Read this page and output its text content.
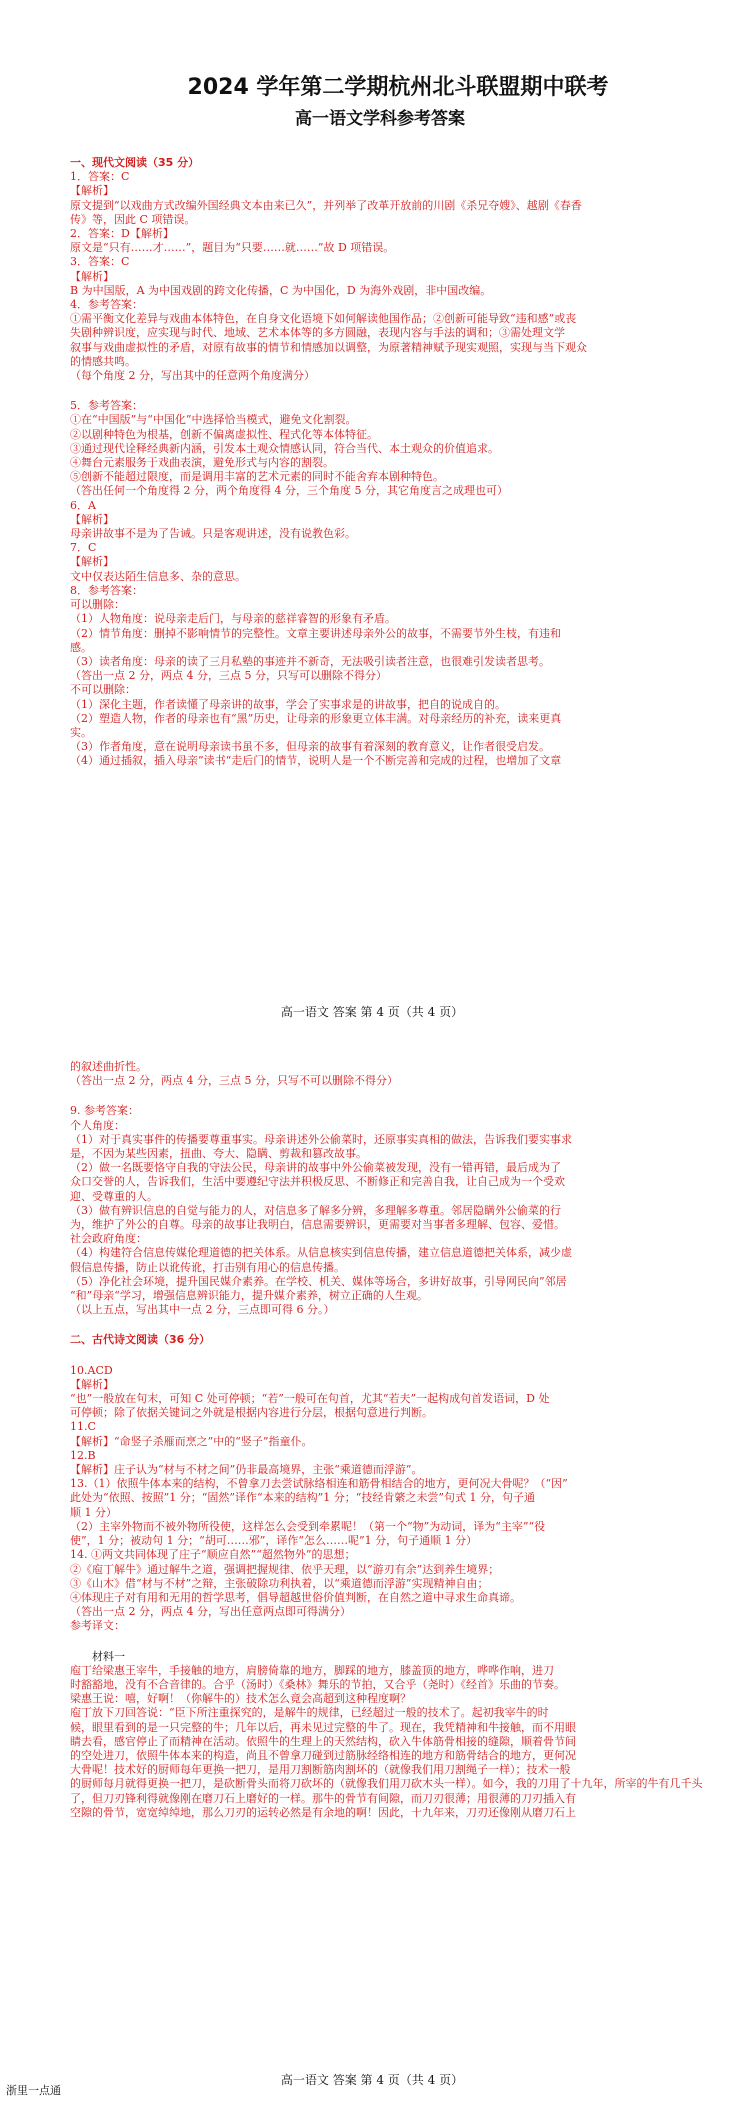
2024 学年第二学期杭州北斗联盟期中联考
高一语文学科参考答案
一、现代文阅读（35 分）
1．答案：C
【解析】
原文提到“以戏曲方式改编外国经典文本由来已久”，并列举了改革开放前的川剧《杀兄夺嫂》、越剧《春香
传》等，因此 C 项错误。
2．答案：D【解析】
原文是“只有……才……”，题目为“只要……就……”故 D 项错误。
3．答案：C
【解析】
B 为中国版，A 为中国戏剧的跨文化传播，C 为中国化，D 为海外戏剧，非中国改编。
4．参考答案：
①需平衡文化差异与戏曲本体特色，在自身文化语境下如何解读他国作品；②创新可能导致“违和感”或丧
失剧种辨识度，应实现与时代、地域、艺术本体等的多方圆融，表现内容与手法的调和；③需处理文学
叙事与戏曲虚拟性的矛盾，对原有故事的情节和情感加以调整，为原著精神赋予现实观照，实现与当下观众
的情感共鸣。
（每个角度 2 分，写出其中的任意两个角度满分）
5．参考答案：
①在“中国版”与“中国化”中选择恰当模式，避免文化割裂。
②以剧种特色为根基，创新不偏离虚拟性、程式化等本体特征。
③通过现代诠释经典新内涵，引发本土观众情感认同，符合当代、本土观众的价值追求。
④舞台元素服务于戏曲表演，避免形式与内容的割裂。
⑤创新不能超过限度，而是调用丰富的艺术元素的同时不能舍弃本剧种特色。
（答出任何一个角度得 2 分，两个角度得 4 分，三个角度 5 分，其它角度言之成理也可）
6．A
【解析】
母亲讲故事不是为了告诫。只是客观讲述，没有说教色彩。
7．C
【解析】
文中仅表达陌生信息多、杂的意思。
8．参考答案：
可以删除：
（1）人物角度：说母亲走后门，与母亲的慈祥睿智的形象有矛盾。
（2）情节角度：删掉不影响情节的完整性。文章主要讲述母亲外公的故事，不需要节外生枝，有违和
感。
（3）读者角度：母亲的读了三月私塾的事迹并不新奇，无法吸引读者注意，也很难引发读者思考。
（答出一点 2 分，两点 4 分，三点 5 分，只写可以删除不得分）
不可以删除：
（1）深化主题，作者读懂了母亲讲的故事，学会了实事求是的讲故事，把自的说成自的。
（2）塑造人物，作者的母亲也有“黑”历史，让母亲的形象更立体丰满。对母亲经历的补充，读来更真
实。
（3）作者角度，意在说明母亲读书虽不多，但母亲的故事有着深刻的教育意义，让作者很受启发。
（4）通过插叙，插入母亲”读书“走后门的情节，说明人是一个不断完善和完成的过程，也增加了文章
高一语文 答案 第 4 页（共 4 页）
的叙述曲折性。
（答出一点 2 分，两点 4 分，三点 5 分，只写不可以删除不得分）
9. 参考答案：
个人角度：
（1）对于真实事件的传播要尊重事实。母亲讲述外公偷菜时，还原事实真相的做法，告诉我们要实事求
是，不因为某些因素，扭曲、夸大、隐瞒、剪裁和篡改故事。
（2）做一名既要恪守自我的守法公民，母亲讲的故事中外公偷菜被发现，没有一错再错，最后成为了
众口交誉的人，告诉我们，生活中要遵纪守法并积极反思、不断修正和完善自我，让自己成为一个受欢
迎、受尊重的人。
（3）做有辨识信息的自觉与能力的人，对信息多了解多分辨，多理解多尊重。邻居隐瞒外公偷菜的行
为，维护了外公的自尊。母亲的故事让我明白，信息需要辨识，更需要对当事者多理解、包容、爱惜。
社会政府角度：
（4）构建符合信息传媒伦理道德的把关体系。从信息核实到信息传播，建立信息道德把关体系，减少虚
假信息传播，防止以讹传讹，打击别有用心的信息传播。
（5）净化社会环境，提升国民媒介素养。在学校、机关、媒体等场合，多讲好故事，引导网民向”邻居
“和”母亲“学习，增强信息辨识能力，提升媒介素养，树立正确的人生观。
（以上五点，写出其中一点 2 分，三点即可得 6 分。）
二、古代诗文阅读（36 分）
10.ACD
【解析】
“也”一般放在句末，可知 C 处可停顿；“若”一般可在句首，尤其“若夫”一起构成句首发语词，D 处
可停顿；除了依据关键词之外就是根据内容进行分层，根据句意进行判断。
11.C
【解析】“命竖子杀雁而烹之”中的“竖子”指童仆。
12.B
【解析】庄子认为“材与不材之间”仍非最高境界，主张“乘道德而浮游”。
13.（1）依照牛体本来的结构，不曾拿刀去尝试脉络相连和筋骨相结合的地方，更何况大骨呢？（“因”
此处为“依照、按照”1 分；“固然”译作“本来的结构”1 分；“技经肯綮之未尝”句式 1 分，句子通
顺 1 分）
（2）主宰外物而不被外物所役使，这样怎么会受到牵累呢！（第一个“物”为动词，译为“主宰”“役
使”，1 分；被动句 1 分；“胡可……邪”，译作“怎么……呢”1 分，句子通顺 1 分）
14. ①两文共同体现了庄子“顺应自然”“超然物外”的思想；
②《庖丁解牛》通过解牛之道，强调把握规律、依乎天理，以“游刃有余”达到养生境界；
③《山木》借“材与不材”之辩，主张破除功利执着，以“乘道德而浮游”实现精神自由；
④体现庄子对有用和无用的哲学思考，倡导超越世俗价值判断，在自然之道中寻求生命真谛。
（答出一点 2 分，两点 4 分，写出任意两点即可得满分）
参考译文：
材料一
庖丁给梁惠王宰牛，手接触的地方，肩膀倚靠的地方，脚踩的地方，膝盖顶的地方，哗哗作响，进刀
时豁豁地，没有不合音律的。合乎（汤时）《桑林》舞乐的节拍，又合乎（尧时）《经首》乐曲的节奏。
梁惠王说：嘻，好啊！（你解牛的）技术怎么竟会高超到这种程度啊？
庖丁放下刀回答说：“臣下所注重探究的，是解牛的规律，已经超过一般的技术了。起初我宰牛的时
候，眼里看到的是一只完整的牛；几年以后，再未见过完整的牛了。现在，我凭精神和牛接触，而不用眼
睛去看，感官停止了而精神在活动。依照牛的生理上的天然结构，砍入牛体筋骨相接的缝隙，顺着骨节间
的空处进刀，依照牛体本来的构造，尚且不曾拿刀碰到过筋脉经络相连的地方和筋骨结合的地方，更何况
大骨呢！技术好的厨师每年更换一把刀，是用刀割断筋肉割坏的（就像我们用刀割绳子一样）；技术一般
的厨师每月就得更换一把刀，是砍断骨头而将刀砍坏的（就像我们用刀砍木头一样）。如今，我的刀用了十九年，所宰的牛有几千头
了，但刀刃锋利得就像刚在磨刀石上磨好的一样。那牛的骨节有间隙，而刀刃很薄；用很薄的刀刃插入有
空隙的骨节，宽宽绰绰地，那么刀刃的运转必然是有余地的啊！因此，十九年来，刀刃还像刚从磨刀石上
高一语文 答案 第 4 页（共 4 页）
浙里一点通
